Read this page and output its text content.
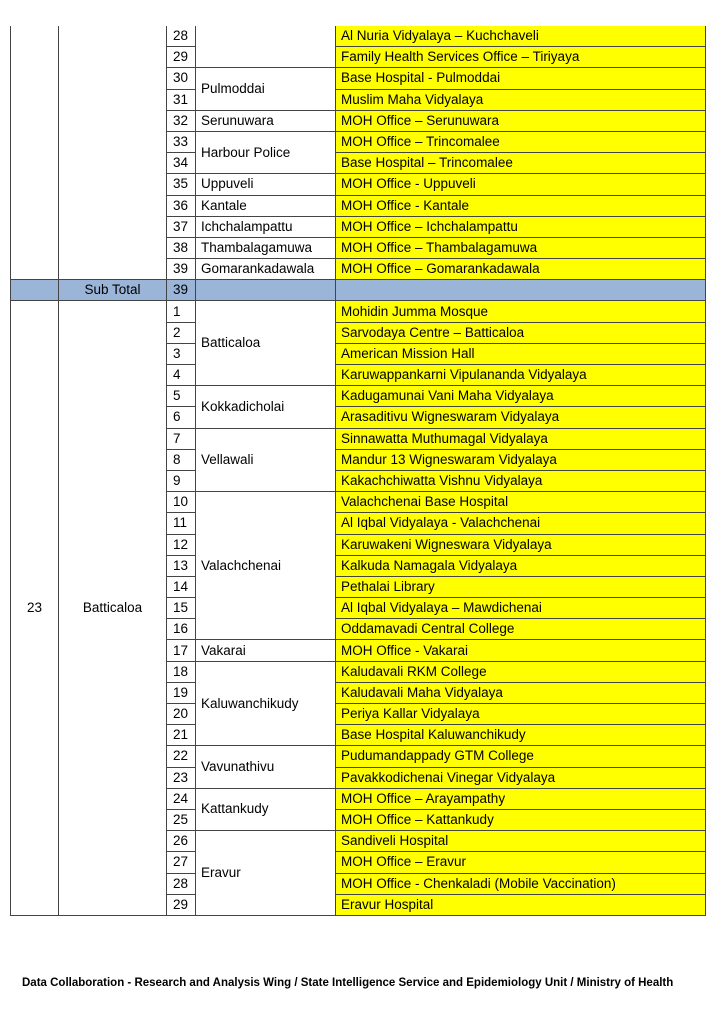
		28		Al Nuria Vidyalaya – Kuchchaveli
		29		Family Health Services Office – Tiriyaya
		30	Pulmoddai	Base Hospital - Pulmoddai
		31		Muslim Maha Vidyalaya
		32	Serunuwara	MOH Office – Serunuwara
		33	Harbour Police	MOH Office – Trincomalee
		34		Base Hospital – Trincomalee
		35	Uppuveli	MOH Office - Uppuveli
		36	Kantale	MOH Office - Kantale
		37	Ichchalampattu	MOH Office – Ichchalampattu
		38	Thambalagamuwa	MOH Office – Thambalagamuwa
		39	Gomarankadawala	MOH Office – Gomarankadawala
	Sub Total	39		
23	Batticaloa	1	Batticaloa	Mohidin Jumma Mosque
		2		Sarvodaya Centre – Batticaloa
		3		American Mission Hall
		4		Karuwappankarni Vipulananda Vidyalaya
		5	Kokkadicholai	Kadugamunai Vani Maha Vidyalaya
		6		Arasaditivu Wigneswaram Vidyalaya
		7	Vellawali	Sinnawatta Muthumagal Vidyalaya
		8		Mandur 13 Wigneswaram Vidyalaya
		9		Kakachchiwatta Vishnu Vidyalaya
		10	Valachchenai	Valachchenai Base Hospital
		11		Al Iqbal Vidyalaya - Valachchenai
		12		Karuwakeni Wigneswara Vidyalaya
		13		Kalkuda Namagala Vidyalaya
		14		Pethalai Library
		15		Al Iqbal Vidyalaya – Mawdichenai
		16		Oddamavadi Central College
		17	Vakarai	MOH Office - Vakarai
		18	Kaluwanchikudy	Kaludavali RKM College
		19		Kaludavali Maha Vidyalaya
		20		Periya Kallar Vidyalaya
		21		Base Hospital Kaluwanchikudy
		22	Vavunathivu	Pudumandappady GTM College
		23		Pavakkodichenai Vinegar Vidyalaya
		24	Kattankudy	MOH Office – Arayampathy
		25		MOH Office – Kattankudy
		26	Eravur	Sandiveli Hospital
		27		MOH Office – Eravur
		28		MOH Office - Chenkaladi (Mobile Vaccination)
		29		Eravur Hospital
Data Collaboration - Research and Analysis Wing / State Intelligence Service and Epidemiology Unit / Ministry of Health
